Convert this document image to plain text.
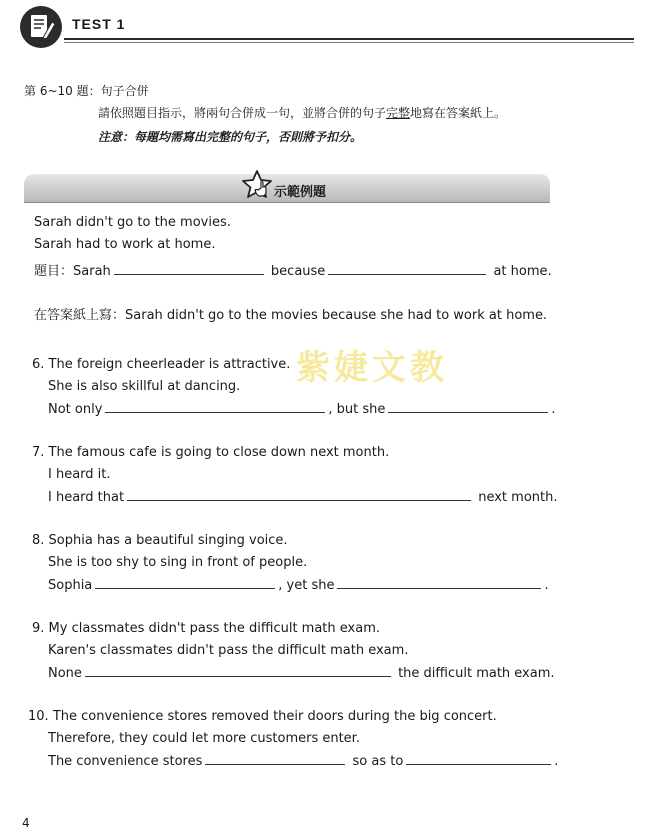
TEST 1
第 6~10 題：句子合併
請依照題目指示，將兩句合併成一句，並將合併的句子完整地寫在答案紙上。
注意：每題均需寫出完整的句子，否則將予扣分。
示範例題
Sarah didn't go to the movies.
Sarah had to work at home.
題目：Sarah	because	at home.
在答案紙上寫：Sarah didn't go to the movies because she had to work at home.
紫婕文教
6. The foreign cheerleader is attractive.
She is also skillful at dancing.
Not only	, but she	.
7. The famous cafe is going to close down next month.
I heard it.
I heard that	next month.
8. Sophia has a beautiful singing voice.
She is too shy to sing in front of people.
Sophia	, yet she	.
9. My classmates didn't pass the difficult math exam.
Karen's classmates didn't pass the difficult math exam.
None	the difficult math exam.
10. The convenience stores removed their doors during the big concert.
Therefore, they could let more customers enter.
The convenience stores	so as to	.
4
